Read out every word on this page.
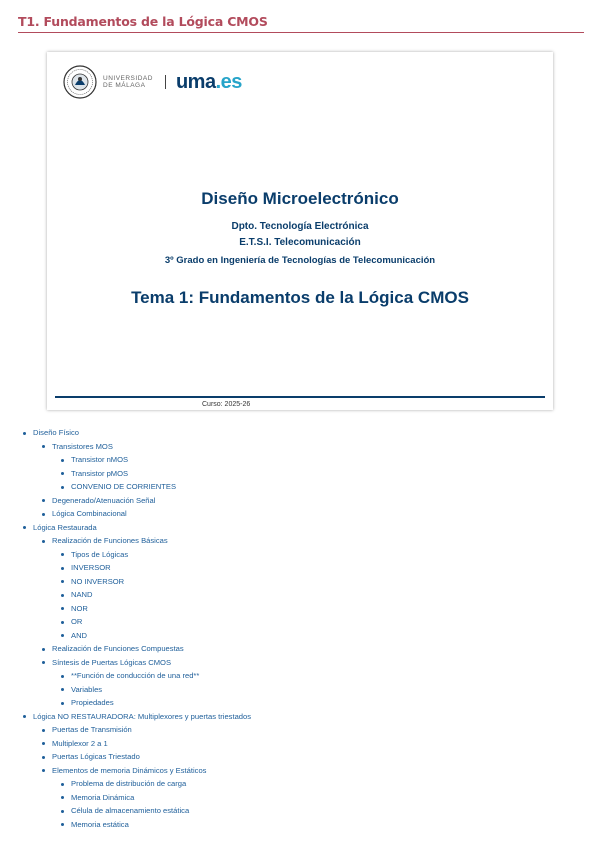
T1. Fundamentos de la Lógica CMOS
UNIVERSIDAD
DE MÁLAGA	uma.es
Diseño Microelectrónico
Dpto. Tecnología Electrónica
E.T.S.I. Telecomunicación
3º Grado en Ingeniería de Tecnologías de Telecomunicación
Tema 1: Fundamentos de la Lógica CMOS
Curso: 2025-26
Diseño Físico
Transistores MOS
Transistor nMOS
Transistor pMOS
CONVENIO DE CORRIENTES
Degenerado/Atenuación Señal
Lógica Combinacional
Lógica Restaurada
Realización de Funciones Básicas
Tipos de Lógicas
INVERSOR
NO INVERSOR
NAND
NOR
OR
AND
Realización de Funciones Compuestas
Síntesis de Puertas Lógicas CMOS
**Función de conducción de una red**
Variables
Propiedades
Lógica NO RESTAURADORA: Multiplexores y puertas triestados
Puertas de Transmisión
Multiplexor 2 a 1
Puertas Lógicas Triestado
Elementos de memoria Dinámicos y Estáticos
Problema de distribución de carga
Memoria Dinámica
Célula de almacenamiento estática
Memoria estática
